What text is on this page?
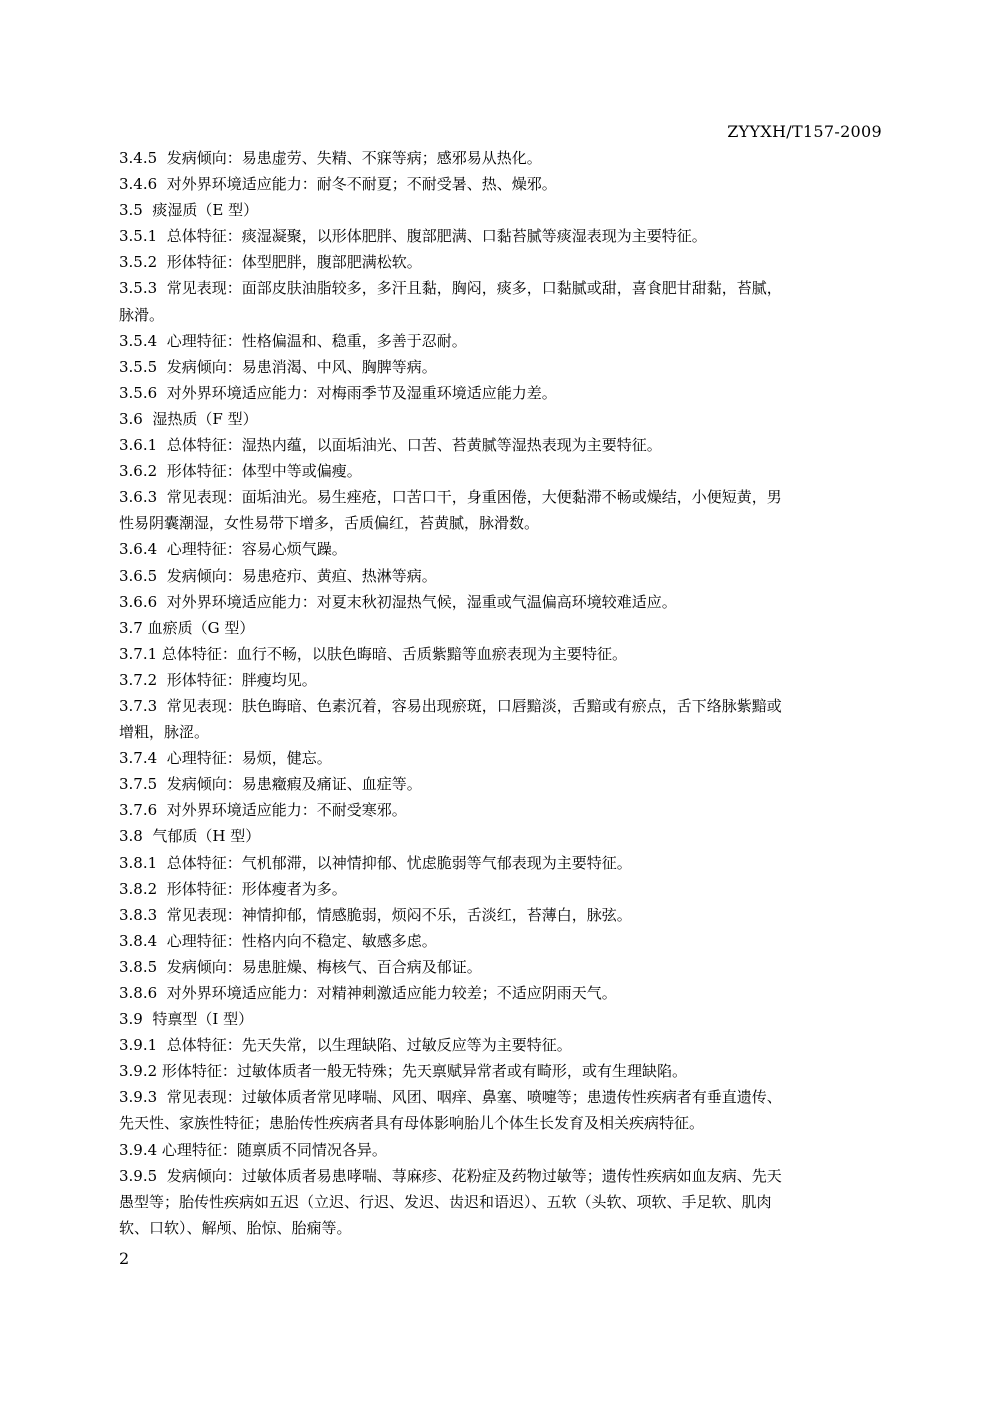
ZYYXH/T157-2009

3.4.5  发病倾向：易患虚劳、失精、不寐等病；感邪易从热化。

3.4.6  对外界环境适应能力：耐冬不耐夏；不耐受暑、热、燥邪。

3.5  痰湿质（E 型）

3.5.1  总体特征：痰湿凝聚，以形体肥胖、腹部肥满、口黏苔腻等痰湿表现为主要特征。

3.5.2  形体特征：体型肥胖，腹部肥满松软。

3.5.3  常见表现：面部皮肤油脂较多，多汗且黏，胸闷，痰多，口黏腻或甜，喜食肥甘甜黏，苔腻，

脉滑。

3.5.4  心理特征：性格偏温和、稳重，多善于忍耐。

3.5.5  发病倾向：易患消渴、中风、胸脾等病。

3.5.6  对外界环境适应能力：对梅雨季节及湿重环境适应能力差。

3.6  湿热质（F 型）

3.6.1  总体特征：湿热内蕴，以面垢油光、口苦、苔黄腻等湿热表现为主要特征。

3.6.2  形体特征：体型中等或偏瘦。

3.6.3  常见表现：面垢油光。易生痤疮，口苦口干，身重困倦，大便黏滞不畅或燥结，小便短黄，男

性易阴囊潮湿，女性易带下增多，舌质偏红，苔黄腻，脉滑数。

3.6.4  心理特征：容易心烦气躁。

3.6.5  发病倾向：易患疮疖、黄疸、热淋等病。

3.6.6  对外界环境适应能力：对夏末秋初湿热气候，湿重或气温偏高环境较难适应。

3.7 血瘀质（G 型）

3.7.1 总体特征：血行不畅，以肤色晦暗、舌质紫黯等血瘀表现为主要特征。

3.7.2  形体特征：胖瘦均见。

3.7.3  常见表现：肤色晦暗、色素沉着，容易出现瘀斑，口唇黯淡，舌黯或有瘀点，舌下络脉紫黯或

增粗，脉涩。

3.7.4  心理特征：易烦，健忘。

3.7.5  发病倾向：易患癥瘕及痛证、血症等。

3.7.6  对外界环境适应能力：不耐受寒邪。

3.8  气郁质（H 型）

3.8.1  总体特征：气机郁滞，以神情抑郁、忧虑脆弱等气郁表现为主要特征。

3.8.2  形体特征：形体瘦者为多。

3.8.3  常见表现：神情抑郁，情感脆弱，烦闷不乐，舌淡红，苔薄白，脉弦。

3.8.4  心理特征：性格内向不稳定、敏感多虑。

3.8.5  发病倾向：易患脏燥、梅核气、百合病及郁证。

3.8.6  对外界环境适应能力：对精神刺激适应能力较差；不适应阴雨天气。

3.9  特禀型（I 型）

3.9.1  总体特征：先天失常，以生理缺陷、过敏反应等为主要特征。

3.9.2 形体特征：过敏体质者一般无特殊；先天禀赋异常者或有畸形，或有生理缺陷。

3.9.3  常见表现：过敏体质者常见哮喘、风团、咽痒、鼻塞、喷嚏等；患遗传性疾病者有垂直遗传、

先天性、家族性特征；患胎传性疾病者具有母体影响胎儿个体生长发育及相关疾病特征。

3.9.4 心理特征：随禀质不同情况各异。

3.9.5  发病倾向：过敏体质者易患哮喘、荨麻疹、花粉症及药物过敏等；遗传性疾病如血友病、先天

愚型等；胎传性疾病如五迟（立迟、行迟、发迟、齿迟和语迟）、五软（头软、项软、手足软、肌肉

软、口软）、解颅、胎惊、胎痫等。

2
